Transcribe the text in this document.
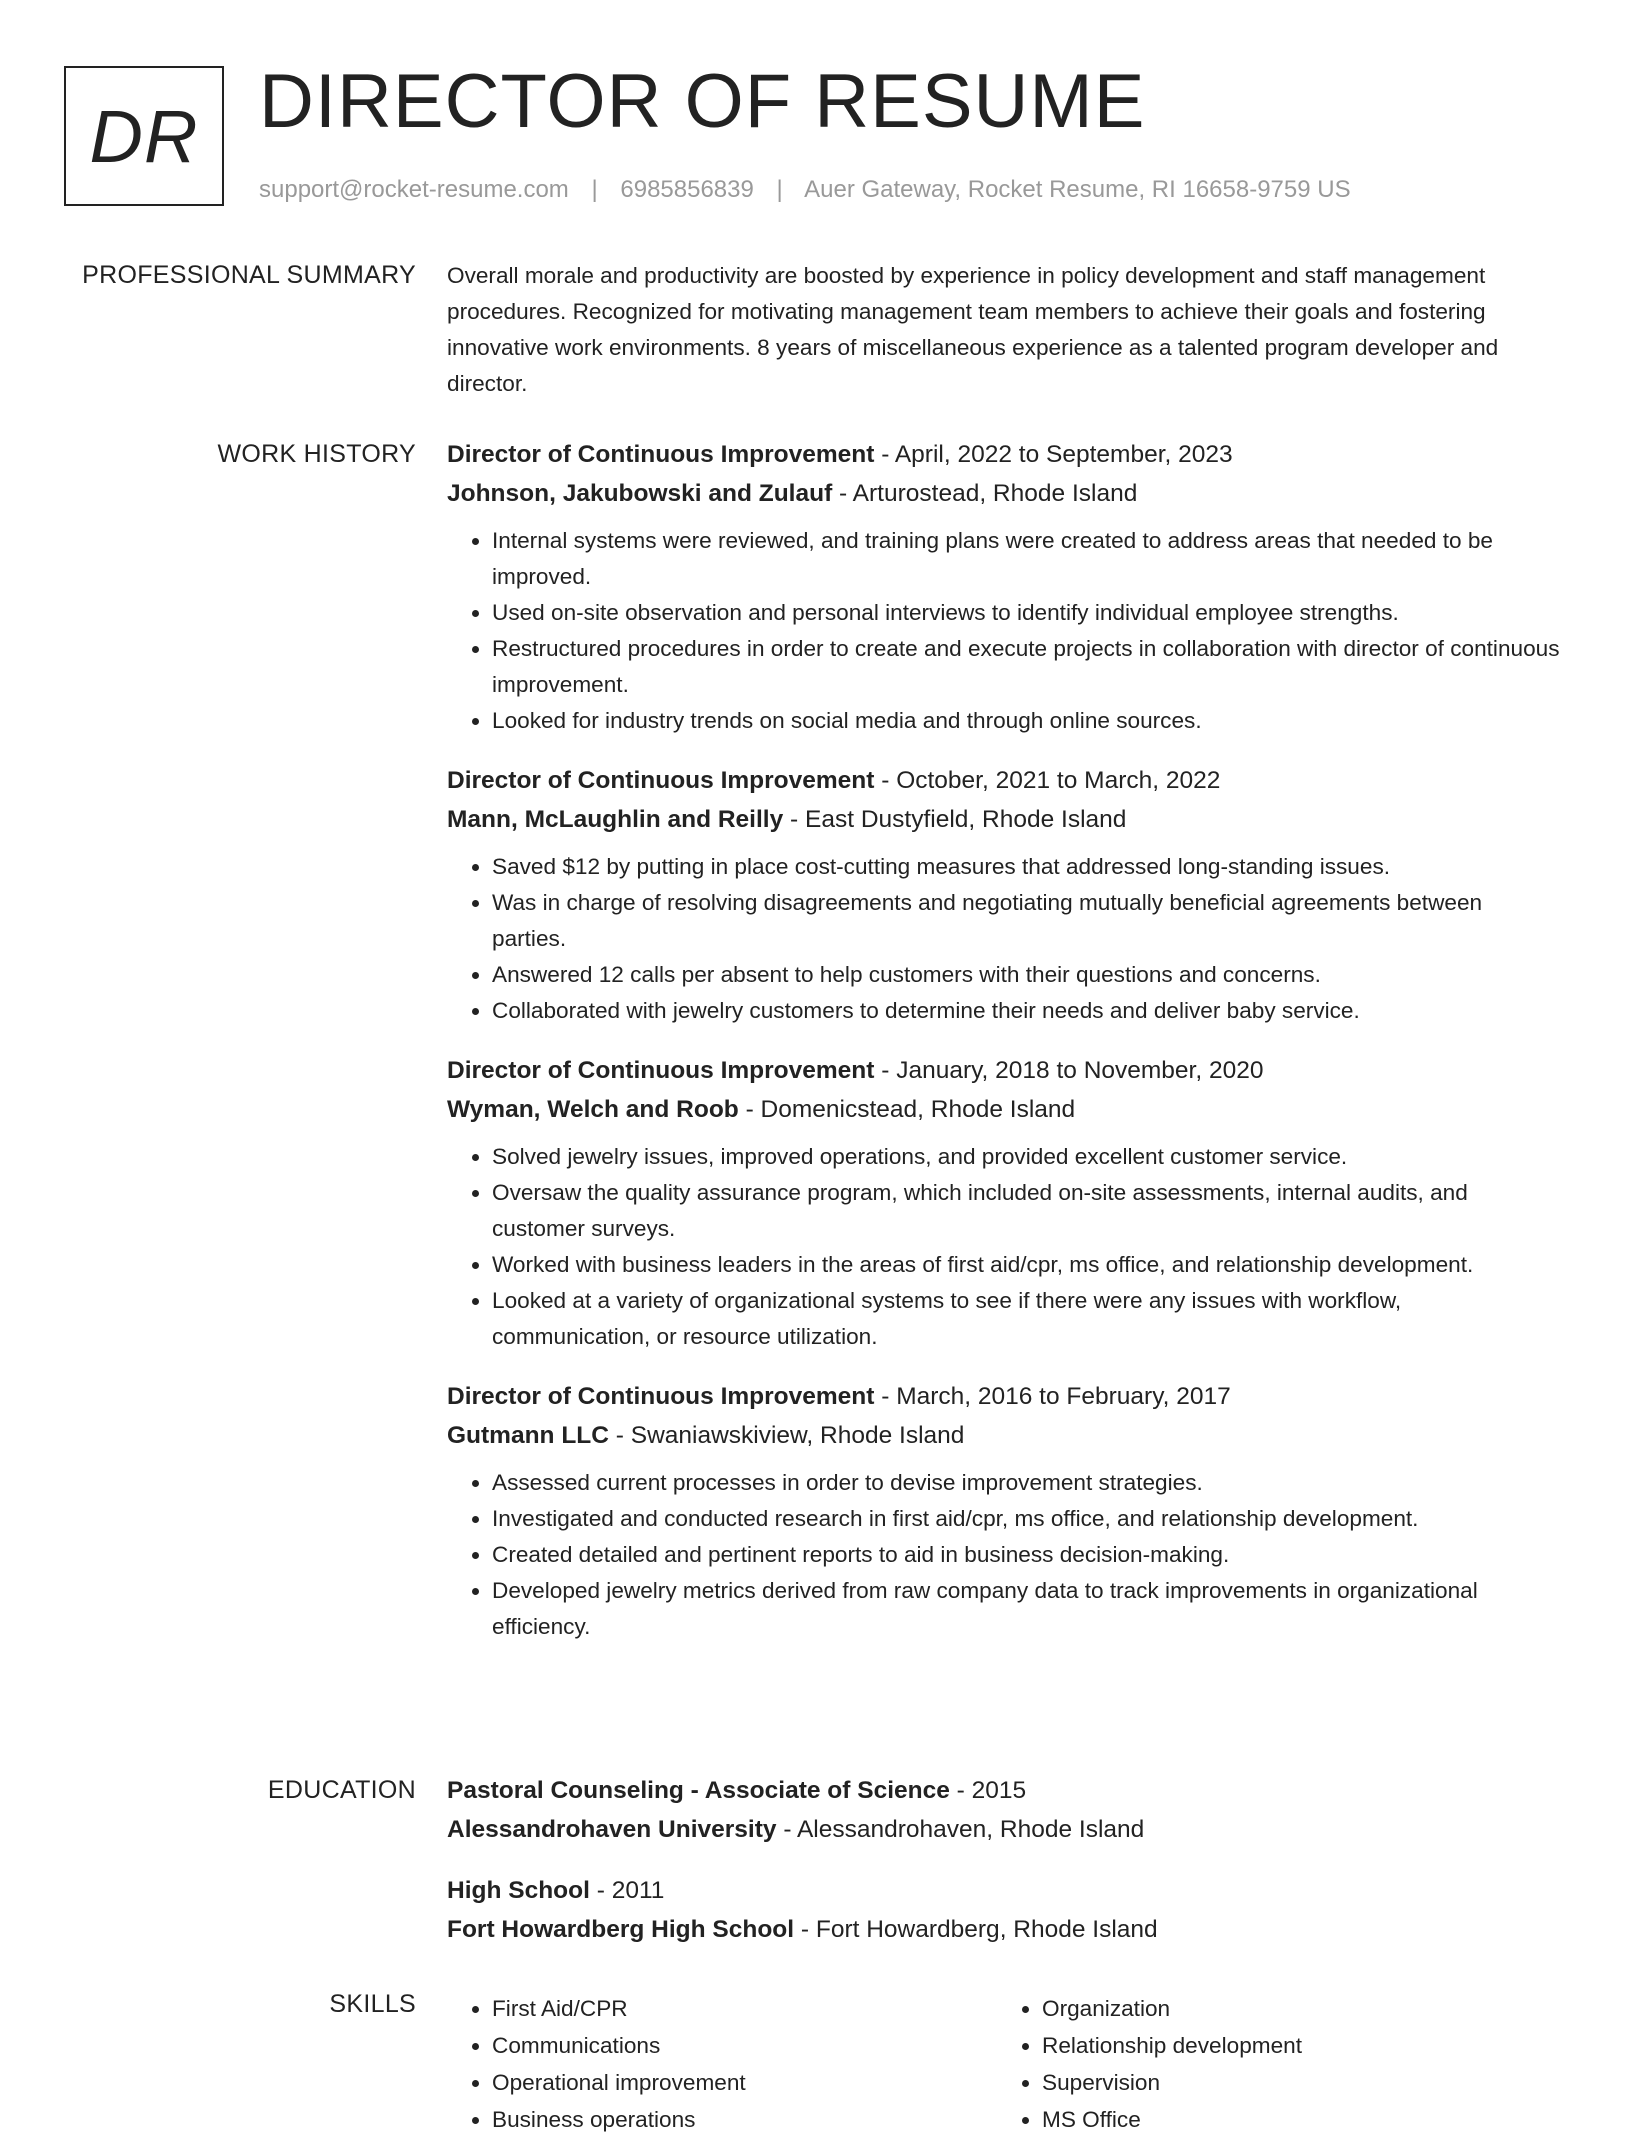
DR DIRECTOR OF RESUME
support@rocket-resume.com | 6985856839 | Auer Gateway, Rocket Resume, RI 16658-9759 US
PROFESSIONAL SUMMARY Overall morale and productivity are boosted by experience in policy development and staff management procedures. Recognized for motivating management team members to achieve their goals and fostering innovative work environments. 8 years of miscellaneous experience as a talented program developer and director.

WORK HISTORY Director of Continuous Improvement - April, 2022 to September, 2023
Johnson, Jakubowski and Zulauf - Arturostead, Rhode Island
• Internal systems were reviewed, and training plans were created to address areas that needed to be improved.
• Used on-site observation and personal interviews to identify individual employee strengths.
• Restructured procedures in order to create and execute projects in collaboration with director of continuous improvement.
• Looked for industry trends on social media and through online sources.
Director of Continuous Improvement - October, 2021 to March, 2022
Mann, McLaughlin and Reilly - East Dustyfield, Rhode Island
• Saved $12 by putting in place cost-cutting measures that addressed long-standing issues.
• Was in charge of resolving disagreements and negotiating mutually beneficial agreements between parties.
• Answered 12 calls per absent to help customers with their questions and concerns.
• Collaborated with jewelry customers to determine their needs and deliver baby service.
Director of Continuous Improvement - January, 2018 to November, 2020
Wyman, Welch and Roob - Domenicstead, Rhode Island
• Solved jewelry issues, improved operations, and provided excellent customer service.
• Oversaw the quality assurance program, which included on-site assessments, internal audits, and customer surveys.
• Worked with business leaders in the areas of first aid/cpr, ms office, and relationship development.
• Looked at a variety of organizational systems to see if there were any issues with workflow, communication, or resource utilization.
Director of Continuous Improvement - March, 2016 to February, 2017
Gutmann LLC - Swaniawskiview, Rhode Island
• Assessed current processes in order to devise improvement strategies.
• Investigated and conducted research in first aid/cpr, ms office, and relationship development.
• Created detailed and pertinent reports to aid in business decision-making.
• Developed jewelry metrics derived from raw company data to track improvements in organizational efficiency.
EDUCATION Pastoral Counseling - Associate of Science - 2015
Alessandrohaven University - Alessandrohaven, Rhode Island
High School - 2011
Fort Howardberg High School - Fort Howardberg, Rhode Island
SKILLS
•	First Aid/CPR
• Communications
• Operational improvement
• Business operations
• Organization
• Relationship development
• Supervision
• MS Office
